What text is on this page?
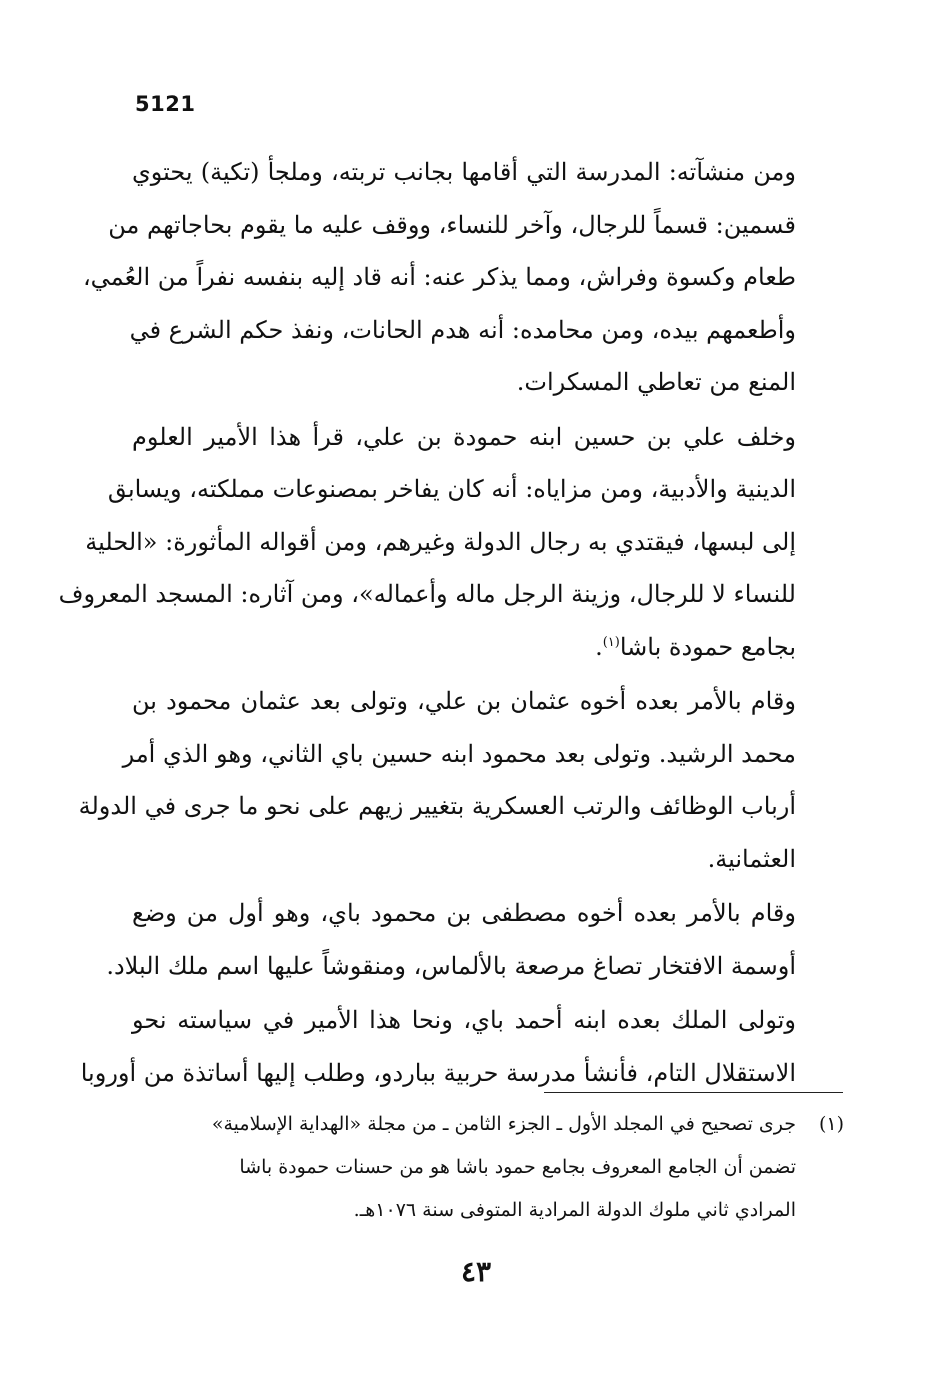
5121

ومن منشآته: المدرسة التي أقامها بجانب تربته، وملجأ (تكية) يحتوي
قسمين: قسماً للرجال، وآخر للنساء، ووقف عليه ما يقوم بحاجاتهم من
طعام وكسوة وفراش، ومما يذكر عنه: أنه قاد إليه بنفسه نفراً من العُمي،
وأطعمهم بيده، ومن محامده: أنه هدم الحانات، ونفذ حكم الشرع في
المنع من تعاطي المسكرات.

وخلف علي بن حسين ابنه حمودة بن علي، قرأ هذا الأمير العلوم
الدينية والأدبية، ومن مزاياه: أنه كان يفاخر بمصنوعات مملكته، ويسابق
إلى لبسها، فيقتدي به رجال الدولة وغيرهم، ومن أقواله المأثورة: «الحلية
للنساء لا للرجال، وزينة الرجل ماله وأعماله»، ومن آثاره: المسجد المعروف
بجامع حمودة باشا$^{(١)}$.

وقام بالأمر بعده أخوه عثمان بن علي، وتولى بعد عثمان محمود بن
محمد الرشيد. وتولى بعد محمود ابنه حسين باي الثاني، وهو الذي أمر
أرباب الوظائف والرتب العسكرية بتغيير زيهم على نحو ما جرى في الدولة
العثمانية.

وقام بالأمر بعده أخوه مصطفى بن محمود باي، وهو أول من وضع
أوسمة الافتخار تصاغ مرصعة بالألماس، ومنقوشاً عليها اسم ملك البلاد.

وتولى الملك بعده ابنه أحمد باي، ونحا هذا الأمير في سياسته نحو
الاستقلال التام، فأنشأ مدرسة حربية بباردو، وطلب إليها أساتذة من أوروبا

(١)جرى تصحيح في المجلد الأول ـ الجزء الثامن ـ من مجلة «الهداية الإسلامية»
تضمن أن الجامع المعروف بجامع حمود باشا هو من حسنات حمودة باشا
المرادي ثاني ملوك الدولة المرادية المتوفى سنة ١٠٧٦هـ.
٤٣
